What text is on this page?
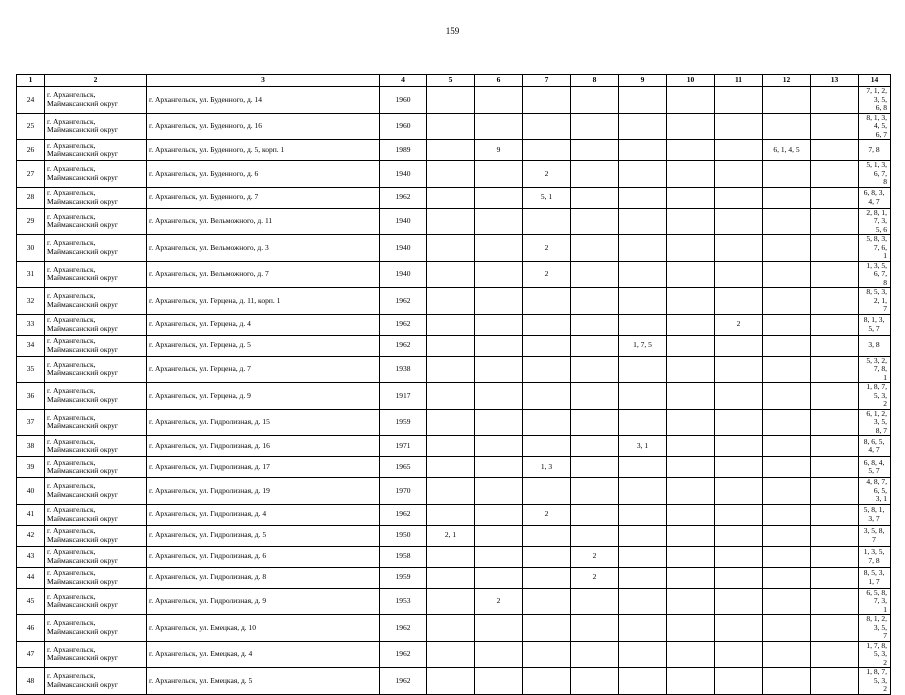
159
1	2	3	4	5	6	7	8	9	10	11	12	13	14
24	г. Архангельск,
Маймаксанский округ	г. Архангельск, ул. Буденного, д. 14	1960										7, 1, 2, 3, 5,
6, 8

25	г. Архангельск,
Маймаксанский округ	г. Архангельск, ул. Буденного, д. 16	1960										8, 1, 3, 4, 5,
6, 7

26	г. Архангельск,
Маймаксанский округ	г. Архангельск, ул. Буденного, д. 5, корп. 1	1989		9						6, 1, 4, 5		7, 8

27	г. Архангельск,
Маймаксанский округ	г. Архангельск, ул. Буденного, д. 6	1940			2							5, 1, 3, 6, 7,
8

28	г. Архангельск,
Маймаксанский округ	г. Архангельск, ул. Буденного, д. 7	1962			5, 1							6, 8, 3, 4, 7

29	г. Архангельск,
Маймаксанский округ	г. Архангельск, ул. Вельможного, д. 11	1940										2, 8, 1, 7, 3,
5, 6

30	г. Архангельск,
Маймаксанский округ	г. Архангельск, ул. Вельможного, д. 3	1940			2							5, 8, 3, 7, 6,
1

31	г. Архангельск,
Маймаксанский округ	г. Архангельск, ул. Вельможного, д. 7	1940			2							1, 3, 5, 6, 7,
8

32	г. Архангельск,
Маймаксанский округ	г. Архангельск, ул. Герцена, д. 11, корп. 1	1962										8, 5, 3, 2, 1,
7

33	г. Архангельск,
Маймаксанский округ	г. Архангельск, ул. Герцена, д. 4	1962							2			8, 1, 3, 5, 7

34	г. Архангельск,
Маймаксанский округ	г. Архангельск, ул. Герцена, д. 5	1962					1, 7, 5					3, 8

35	г. Архангельск,
Маймаксанский округ	г. Архангельск, ул. Герцена, д. 7	1938										5, 3, 2, 7, 8,
1

36	г. Архангельск,
Маймаксанский округ	г. Архангельск, ул. Герцена, д. 9	1917										1, 8, 7, 5, 3,
2

37	г. Архангельск,
Маймаксанский округ	г. Архангельск, ул. Гидролизная, д. 15	1959										6, 1, 2, 3, 5,
8, 7

38	г. Архангельск,
Маймаксанский округ	г. Архангельск, ул. Гидролизная, д. 16	1971					3, 1					8, 6, 5, 4, 7

39	г. Архангельск,
Маймаксанский округ	г. Архангельск, ул. Гидролизная, д. 17	1965			1, 3							6, 8, 4, 5, 7

40	г. Архангельск,
Маймаксанский округ	г. Архангельск, ул. Гидролизная, д. 19	1970										4, 8, 7, 6, 5,
3, 1

41	г. Архангельск,
Маймаксанский округ	г. Архангельск, ул. Гидролизная, д. 4	1962			2							5, 8, 1, 3, 7

42	г. Архангельск,
Маймаксанский округ	г. Архангельск, ул. Гидролизная, д. 5	1950	2, 1									3, 5, 8, 7

43	г. Архангельск,
Маймаксанский округ	г. Архангельск, ул. Гидролизная, д. 6	1958				2						1, 3, 5, 7, 8

44	г. Архангельск,
Маймаксанский округ	г. Архангельск, ул. Гидролизная, д. 8	1959				2						8, 5, 3, 1, 7

45	г. Архангельск,
Маймаксанский округ	г. Архангельск, ул. Гидролизная, д. 9	1953		2								6, 5, 8, 7, 3,
1

46	г. Архангельск,
Маймаксанский округ	г. Архангельск, ул. Емецкая, д. 10	1962										8, 1, 2, 3, 5,
7

47	г. Архангельск,
Маймаксанский округ	г. Архангельск, ул. Емецкая, д. 4	1962										1, 7, 8, 5, 3,
2

48	г. Архангельск,
Маймаксанский округ	г. Архангельск, ул. Емецкая, д. 5	1962										1, 8, 7, 5, 3,
2
